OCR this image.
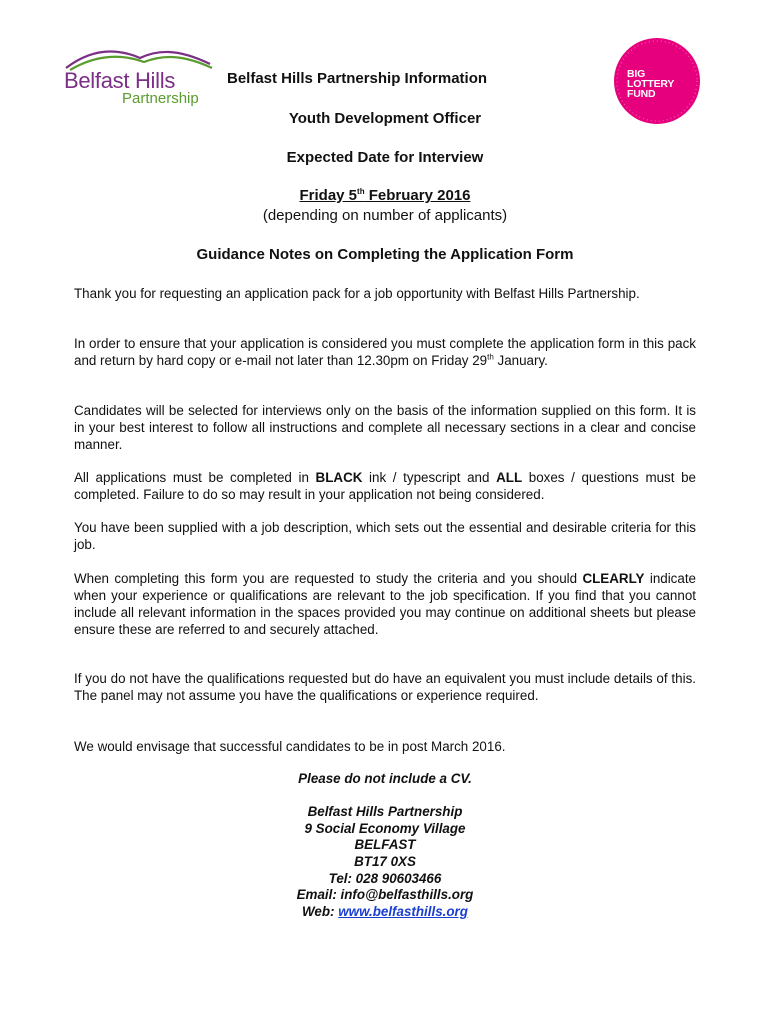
Belfast Hills
Partnership
BIG
LOTTERY
FUND
Belfast Hills Partnership Information
Youth Development Officer
Expected Date for Interview
Friday 5th February 2016
(depending on number of applicants)
Guidance Notes on Completing the Application Form

Thank you for requesting an application pack for a job opportunity with Belfast Hills Partnership.

In order to ensure that your application is considered you must complete the application form in this pack and return by hard copy or e-mail not later than 12.30pm on Friday 29th January.

Candidates will be selected for interviews only on the basis of the information supplied on this form. It is in your best interest to follow all instructions and complete all necessary sections in a clear and concise manner.

All applications must be completed in BLACK ink / typescript and ALL boxes / questions must be completed. Failure to do so may result in your application not being considered.

You have been supplied with a job description, which sets out the essential and desirable criteria for this job.

When completing this form you are requested to study the criteria and you should CLEARLY indicate when your experience or qualifications are relevant to the job specification. If you find that you cannot include all relevant information in the spaces provided you may continue on additional sheets but please ensure these are referred to and securely attached.

If you do not have the qualifications requested but do have an equivalent you must include details of this. The panel may not assume you have the qualifications or experience required.

We would envisage that successful candidates to be in post March 2016.

Please do not include a CV.
Belfast Hills Partnership
9 Social Economy Village
BELFAST
BT17 0XS
Tel: 028 90603466
Email: info@belfasthills.org
Web: www.belfasthills.org
